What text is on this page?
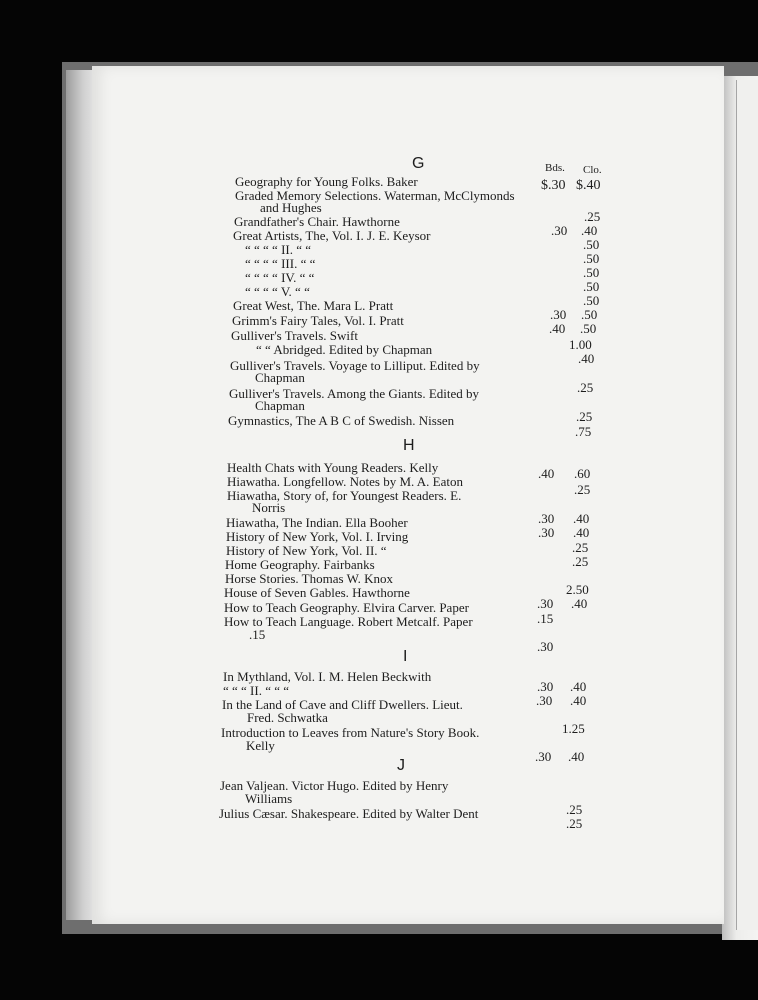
Bds. Clo.
G
Geography for Young Folks. Baker	$.30 $.40
Graded Memory Selections. Waterman, McClymonds
and Hughes
.25
Grandfather's Chair. Hawthorne
.30 .40
Great Artists, The, Vol. I. J. E. Keysor
.50
“ “ “ “ II. “ “
.50
“ “ “ “ III. “ “
.50
“ “ “ “ IV. “ “
.50
“ “ “ “ V. “ “
.50
Great West, The. Mara L. Pratt
.30 .50
Grimm's Fairy Tales, Vol. I. Pratt
.40 .50
Gulliver's Travels. Swift
1.00
“ “ Abridged. Edited by Chapman
.40
Gulliver's Travels. Voyage to Lilliput. Edited by
Chapman
.25
Gulliver's Travels. Among the Giants. Edited by
Chapman
.25
Gymnastics, The A B C of Swedish. Nissen
.75
H
Health Chats with Young Readers. Kelly	.40 .60
Hiawatha. Longfellow. Notes by M. A. Eaton
.25
Hiawatha, Story of, for Youngest Readers. E.
Norris
.30 .40
Hiawatha, The Indian. Ella Booher
.30 .40
History of New York, Vol. I. Irving
.25
History of New York, Vol. II. “
.25
Home Geography. Fairbanks
Horse Stories. Thomas W. Knox
2.50
House of Seven Gables. Hawthorne
.30 .40
How to Teach Geography. Elvira Carver. Paper
.15
How to Teach Language. Robert Metcalf. Paper
.15
.30
I
In Mythland, Vol. I. M. Helen Beckwith
.30 .40
“ “ “ II. “ “ “
.30 .40
In the Land of Cave and Cliff Dwellers. Lieut.
Fred. Schwatka
1.25
Introduction to Leaves from Nature's Story Book.
Kelly
.30 .40
J
Jean Valjean. Victor Hugo. Edited by Henry
Williams
.25
Julius Cæsar. Shakespeare. Edited by Walter Dent
.25
